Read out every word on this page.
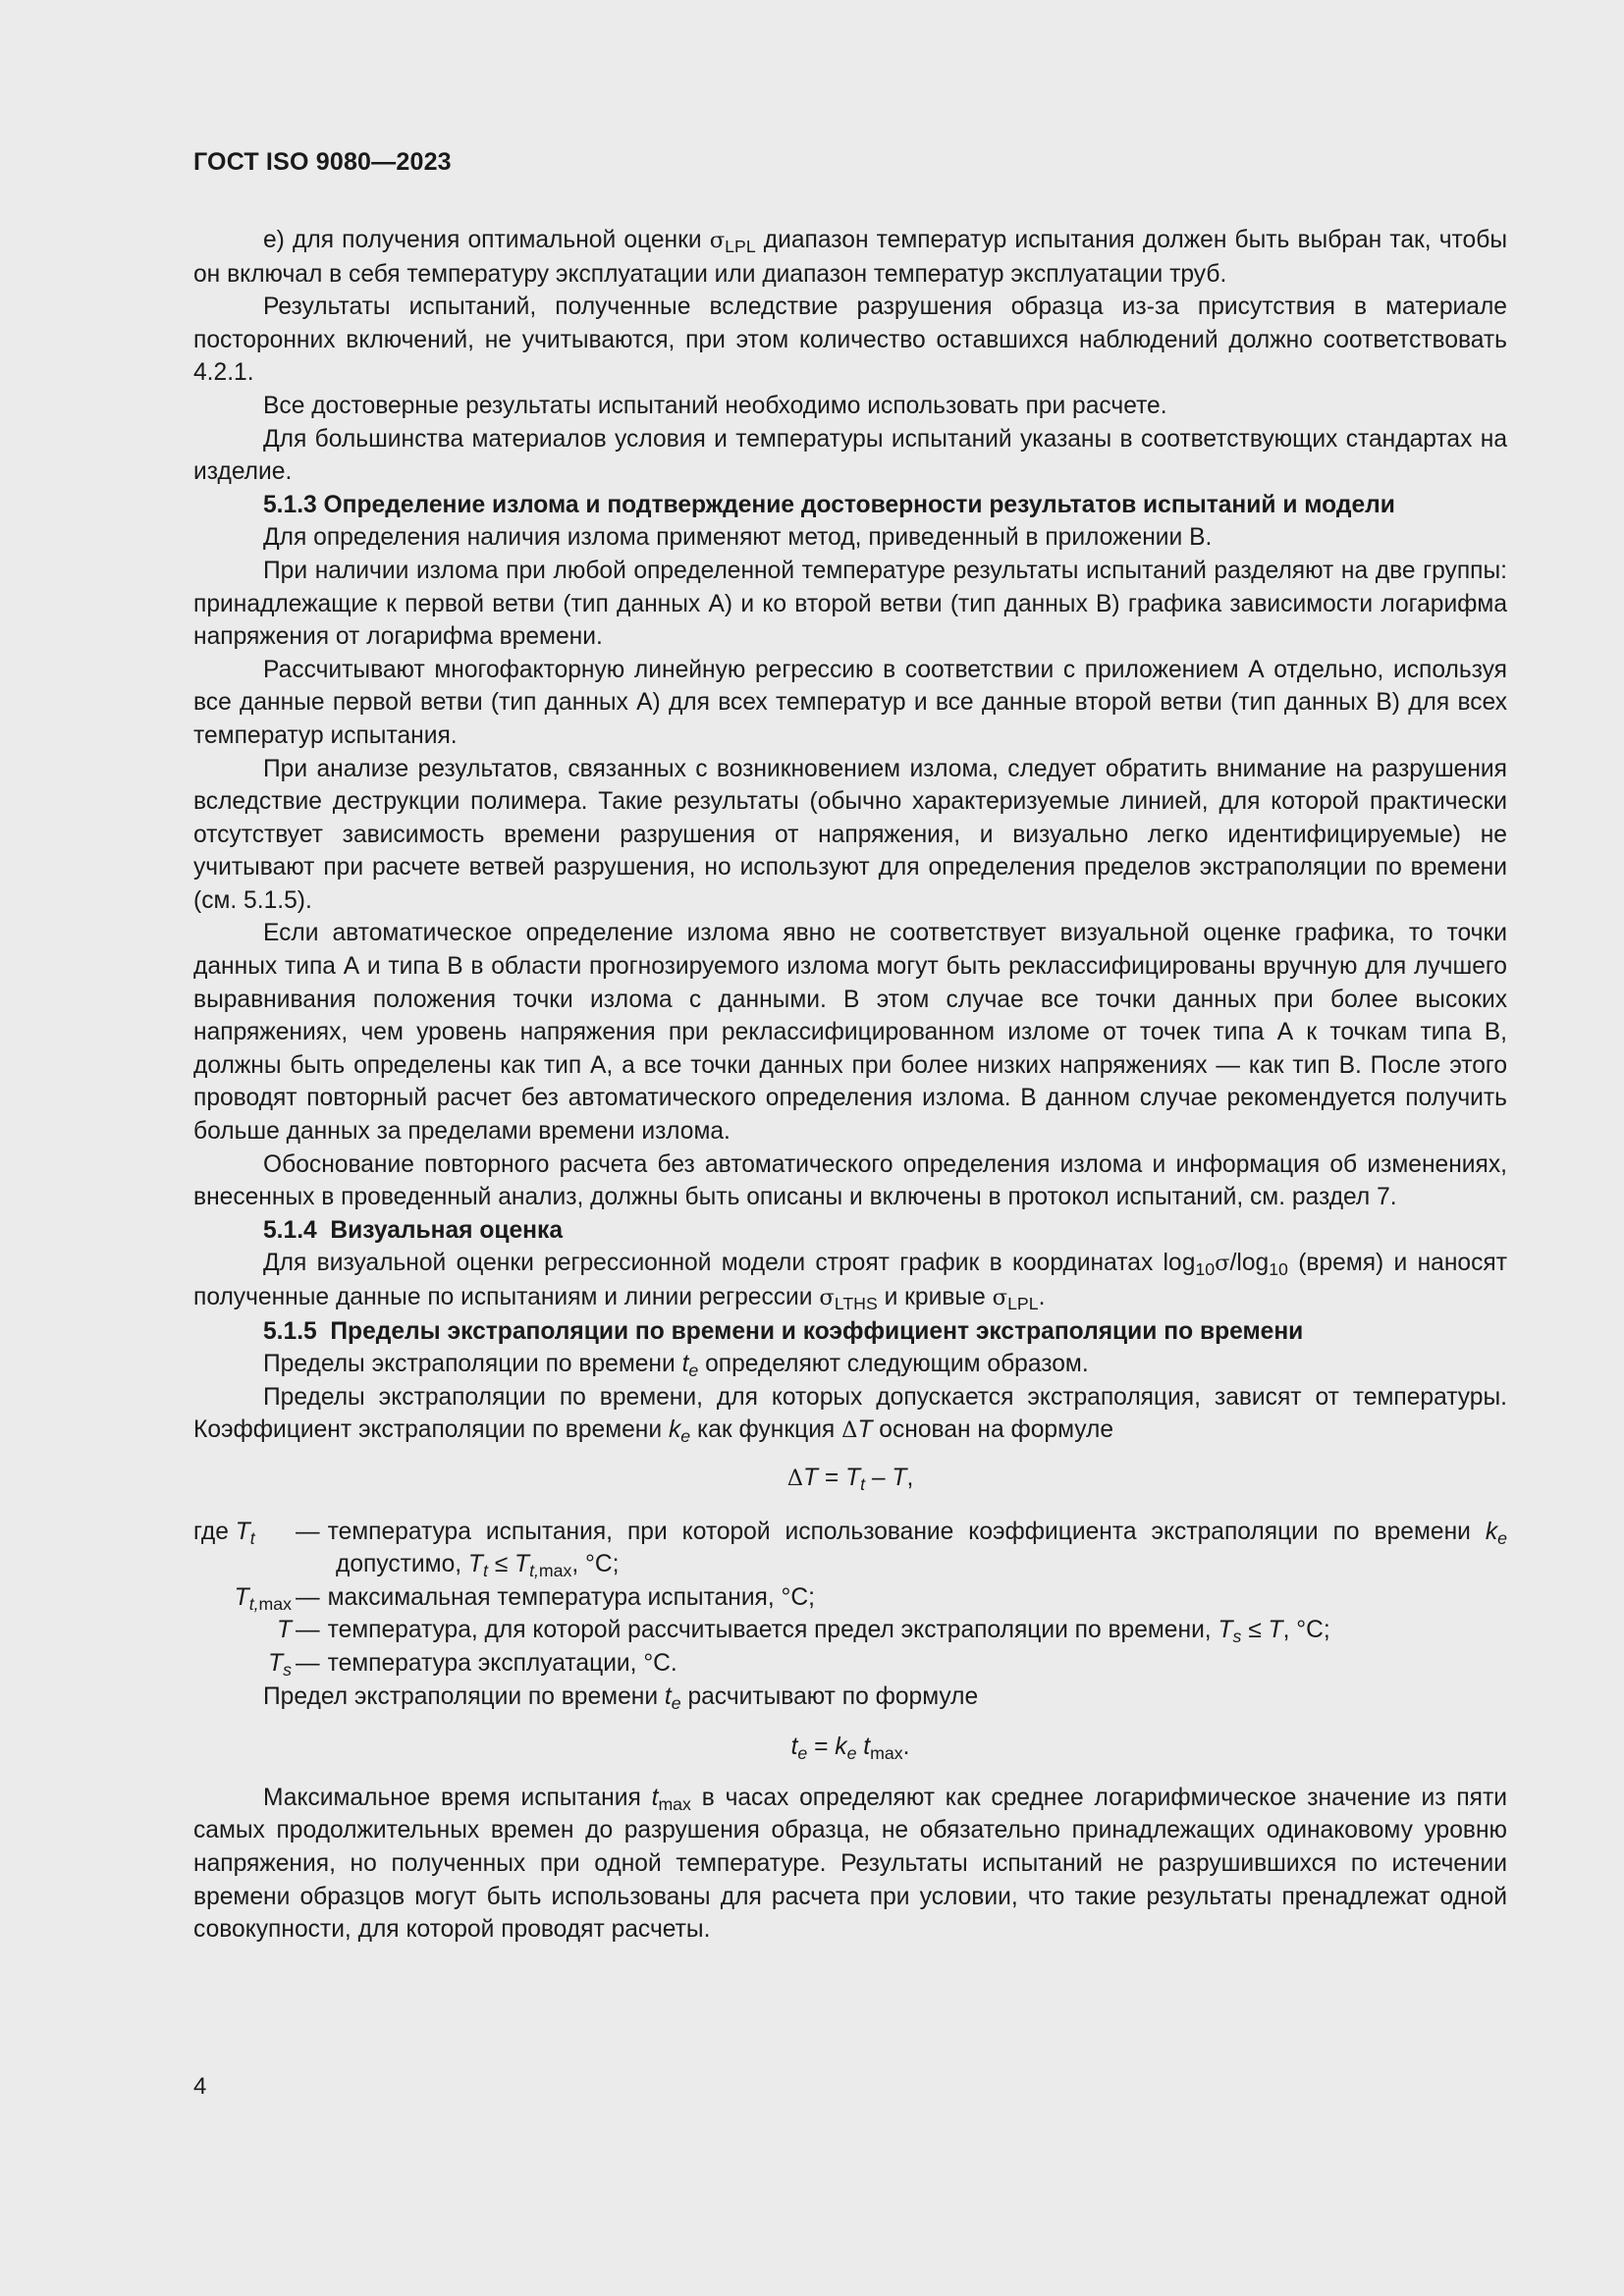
ГОСТ ISO 9080—2023

е) для получения оптимальной оценки $\sigma_{LPL}$ диапазон температур испытания должен быть выбран так, чтобы он включал в себя температуру эксплуатации или диапазон температур эксплуатации труб.

Результаты испытаний, полученные вследствие разрушения образца из-за присутствия в материале посторонних включений, не учитываются, при этом количество оставшихся наблюдений должно соответствовать 4.2.1.

Все достоверные результаты испытаний необходимо использовать при расчете.

Для большинства материалов условия и температуры испытаний указаны в соответствующих стандартах на изделие.

5.1.3 Определение излома и подтверждение достоверности результатов испытаний и модели

Для определения наличия излома применяют метод, приведенный в приложении В.

При наличии излома при любой определенной температуре результаты испытаний разделяют на две группы: принадлежащие к первой ветви (тип данных А) и ко второй ветви (тип данных В) графика зависимости логарифма напряжения от логарифма времени.

Рассчитывают многофакторную линейную регрессию в соответствии с приложением А отдельно, используя все данные первой ветви (тип данных А) для всех температур и все данные второй ветви (тип данных В) для всех температур испытания.

При анализе результатов, связанных с возникновением излома, следует обратить внимание на разрушения вследствие деструкции полимера. Такие результаты (обычно характеризуемые линией, для которой практически отсутствует зависимость времени разрушения от напряжения, и визуально легко идентифицируемые) не учитывают при расчете ветвей разрушения, но используют для определения пределов экстраполяции по времени (см. 5.1.5).

Если автоматическое определение излома явно не соответствует визуальной оценке графика, то точки данных типа А и типа В в области прогнозируемого излома могут быть реклассифицированы вручную для лучшего выравнивания положения точки излома с данными. В этом случае все точки данных при более высоких напряжениях, чем уровень напряжения при реклассифицированном изломе от точек типа А к точкам типа В, должны быть определены как тип А, а все точки данных при более низких напряжениях — как тип В. После этого проводят повторный расчет без автоматического определения излома. В данном случае рекомендуется получить больше данных за пределами времени излома.

Обоснование повторного расчета без автоматического определения излома и информация об изменениях, внесенных в проведенный анализ, должны быть описаны и включены в протокол испытаний, см. раздел 7.

5.1.4 Визуальная оценка

Для визуальной оценки регрессионной модели строят график в координатах $\log_{10}\sigma/\log_{10}$ (время) и наносят полученные данные по испытаниям и линии регрессии $\sigma_{LTHS}$ и кривые $\sigma_{LPL}$.

5.1.5 Пределы экстраполяции по времени и коэффициент экстраполяции по времени

Пределы экстраполяции по времени $t_e$ определяют следующим образом.

Пределы экстраполяции по времени, для которых допускается экстраполяция, зависят от температуры. Коэффициент экстраполяции по времени $k_e$ как функция ΔT основан на формуле

$\Delta T = T_t - T$,
где $T_t$	— температура испытания, при которой использование коэффициента экстраполяции по времени $k_e$ допустимо, $T_t \le T_{t,max}$, °С;
$T_{t,max}$ — максимальная температура испытания, °С;
T — температура, для которой рассчитывается предел экстраполяции по времени, $T_s \le T$, °С;
$T_s$ — температура эксплуатации, °С.

Предел экстраполяции по времени $t_e$ расчитывают по формуле

$t_e = k_e$ $t_{max}$.

Максимальное время испытания $t_{max}$ в часах определяют как среднее логарифмическое значение из пяти самых продолжительных времен до разрушения образца, не обязательно принадлежащих одинаковому уровню напряжения, но полученных при одной температуре. Результаты испытаний не разрушившихся по истечении времени образцов могут быть использованы для расчета при условии, что такие результаты пренадлежат одной совокупности, для которой проводят расчеты.

4
